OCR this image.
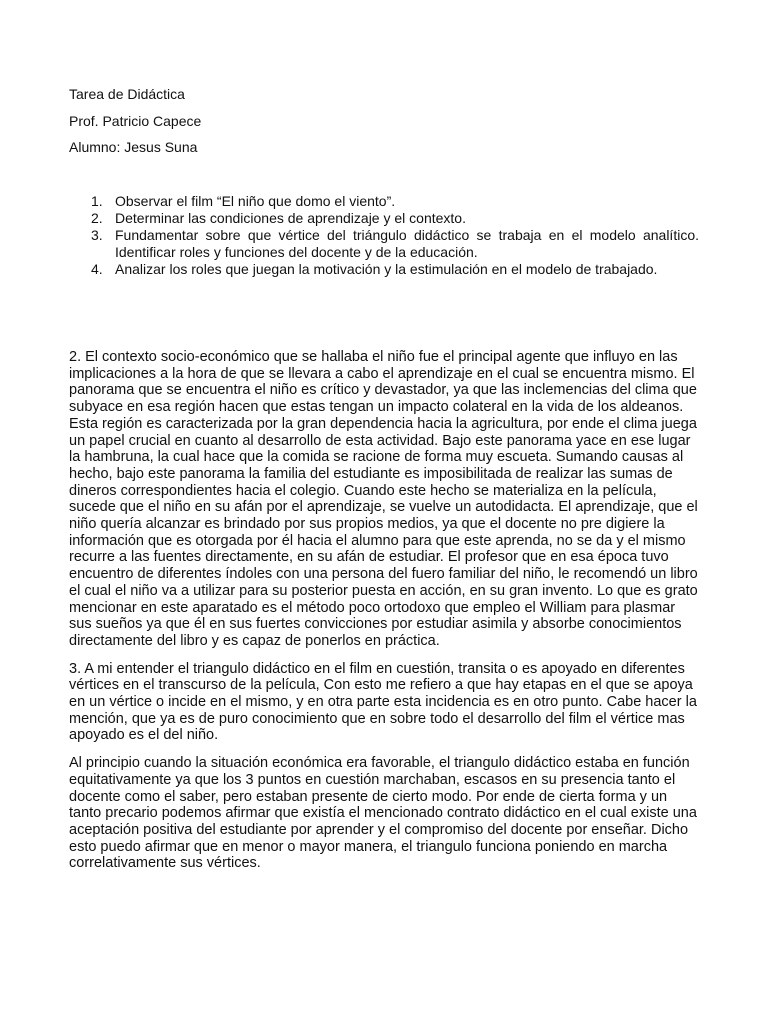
Tarea de Didáctica

Prof. Patricio Capece

Alumno: Jesus Suna

1. Observar el film “El niño que domo el viento”.
2. Determinar las condiciones de aprendizaje y el contexto.
3. Fundamentar sobre que vértice del triángulo didáctico se trabaja en el modelo analítico. Identificar roles y funciones del docente y de la educación.
4. Analizar los roles que juegan la motivación y la estimulación en el modelo de trabajado.

2. El contexto socio-económico que se hallaba el niño fue el principal agente que influyo en las implicaciones a la hora de que se llevara a cabo el aprendizaje en el cual se encuentra mismo. El panorama que se encuentra el niño es crítico y devastador, ya que las inclemencias del clima que subyace en esa región hacen que estas tengan un impacto colateral en la vida de los aldeanos. Esta región es caracterizada por la gran dependencia hacia la agricultura, por ende el clima juega un papel crucial en cuanto al desarrollo de esta actividad. Bajo este panorama yace en ese lugar la hambruna, la cual hace que la comida se racione de forma muy escueta. Sumando causas al hecho, bajo este panorama la familia del estudiante es imposibilitada de realizar las sumas de dineros correspondientes hacia el colegio. Cuando este hecho se materializa en la película, sucede que el niño en su afán por el aprendizaje, se vuelve un autodidacta. El aprendizaje, que el niño quería alcanzar es brindado por sus propios medios, ya que el docente no pre digiere la información que es otorgada por él hacia el alumno para que este aprenda, no se da y el mismo recurre a las fuentes directamente, en su afán de estudiar. El profesor que en esa época tuvo encuentro de diferentes índoles con una persona del fuero familiar del niño, le recomendó un libro el cual el niño va a utilizar para su posterior puesta en acción, en su gran invento. Lo que es grato mencionar en este aparatado es el método poco ortodoxo que empleo el William para plasmar sus sueños ya que él en sus fuertes convicciones por estudiar asimila y absorbe conocimientos directamente del libro y es capaz de ponerlos en práctica.

3. A mi entender el triangulo didáctico en el film en cuestión, transita o es apoyado en diferentes vértices en el transcurso de la película, Con esto me refiero a que hay etapas en el que se apoya en un vértice o incide en el mismo, y en otra parte esta incidencia es en otro punto. Cabe hacer la mención, que ya es de puro conocimiento que en sobre todo el desarrollo del film el vértice mas apoyado es el del niño.

Al principio cuando la situación económica era favorable, el triangulo didáctico estaba en función equitativamente ya que los 3 puntos en cuestión marchaban, escasos en su presencia tanto el docente como el saber, pero estaban presente de cierto modo. Por ende de cierta forma y un tanto precario podemos afirmar que existía el mencionado contrato didáctico en el cual existe una aceptación positiva del estudiante por aprender y el compromiso del docente por enseñar. Dicho esto puedo afirmar que en menor o mayor manera, el triangulo funciona poniendo en marcha correlativamente sus vértices.
